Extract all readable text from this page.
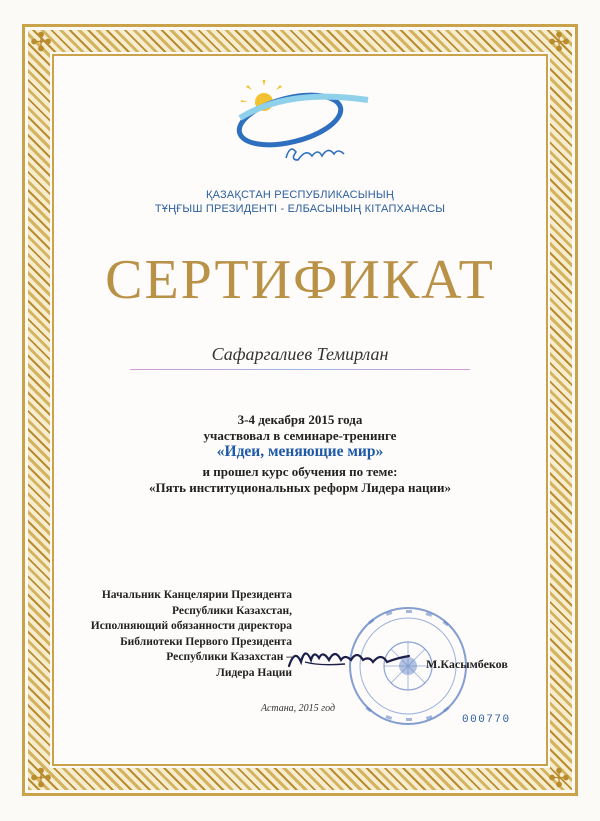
✣	✣
✣	✣
ҚАЗАҚСТАН РЕСПУБЛИКАСЫНЫҢ
ТҰҢҒЫШ ПРЕЗИДЕНТІ - ЕЛБАСЫНЫҢ КІТАПХАНАСЫ
СЕРТИФИКАТ
Сафаргалиев Темирлан
3-4 декабря 2015 года
участвовал в семинаре-тренинге
«Идеи, меняющие мир»
и прошел курс обучения по теме:
«Пять институциональных реформ Лидера нации»
Начальник Канцелярии Президента
Республики Казахстан,
Исполняющий обязанности директора
Библиотеки Первого Президента
Республики Казахстан –
Лидера Нации
М.Касымбеков
Астана, 2015 год
000770
